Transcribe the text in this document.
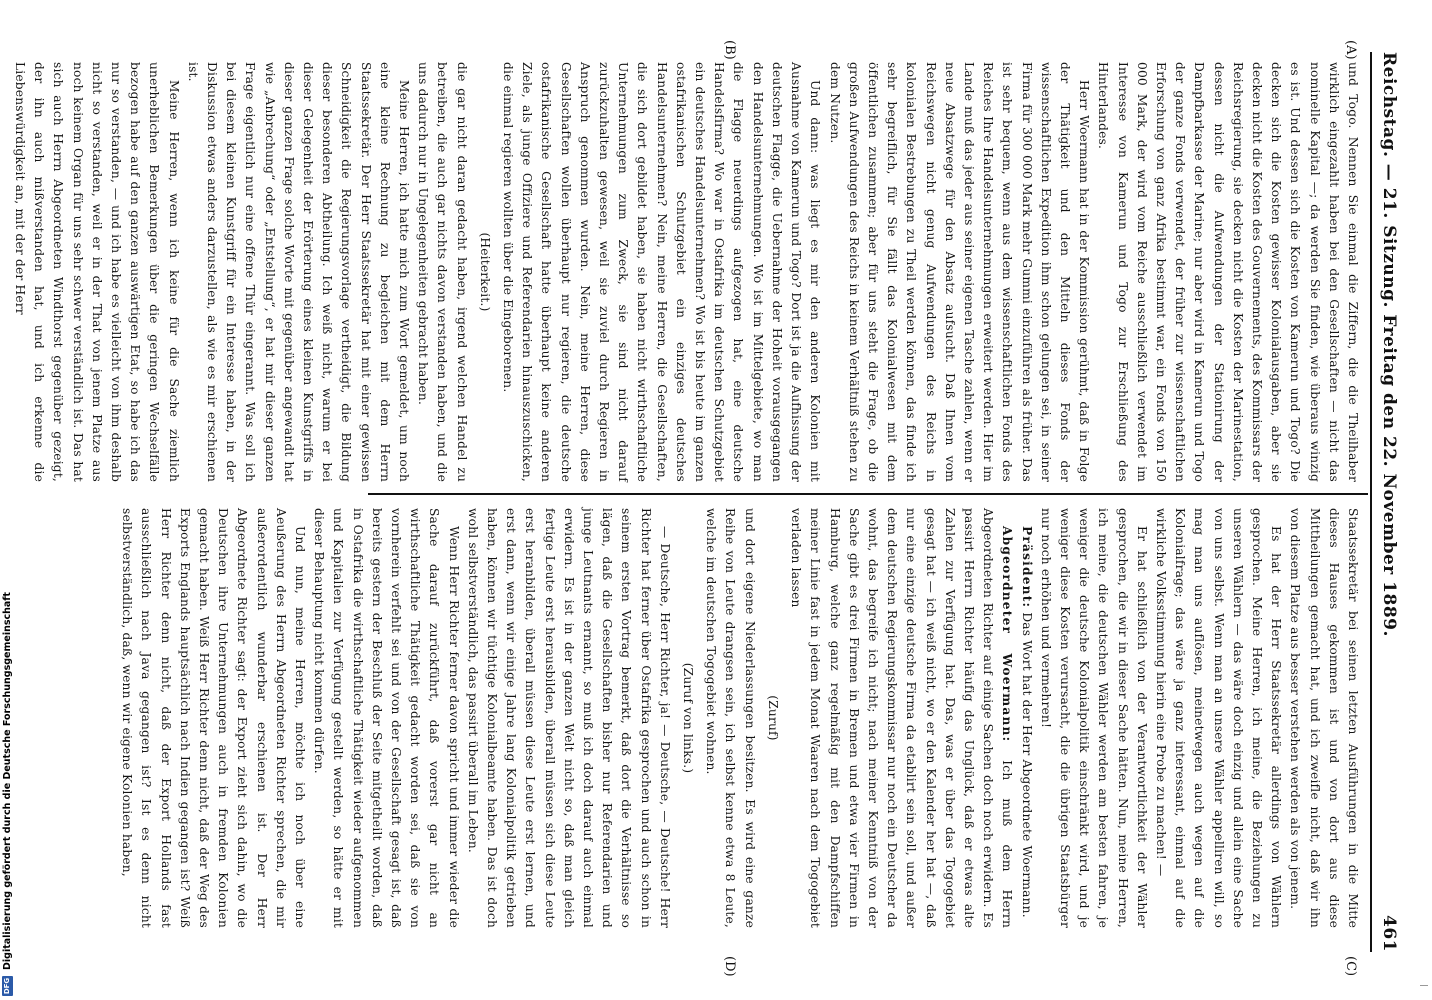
Reichstag. — 21. Sitzung. Freitag den 22. November 1889.
461
(A)
(B)
(C)
(D)

und Togo. Nennen Sie einmal die Ziffern, die die Theilhaber wirklich eingezahlt haben bei den Gesellschaften — nicht das nominelle Kapital —; da werden Sie finden, wie überaus winzig es ist. Und dessen sich die Kosten von Kamerun und Togo? Die decken sich die Kosten gewisser Kolonialausgaben, aber sie decken nicht die Kosten des Gouvernements, des Kommissars der Reichsregierung, sie decken nicht die Kosten der Marinestation, dessen nicht die Aufwendungen der Stationirung der Dampfbarkasse der Marine; nur aber wird in Kamerun und Togo der ganze Fonds verwendet, der früher zur wissenschaftlichen Erforschung von ganz Afrika bestimmt war, ein Fonds von 150 000 Mark, der wird vom Reiche ausschließlich verwendet im Interesse von Kamerun und Togo zur Erschließung des Hinterlandes.

Herr Woermann hat in der Kommission gerühmt, daß in Folge der Thätigkeit und den Mitteln dieses Fonds der wissenschaftlichen Expedition ihm schon gelungen sei, in seiner Firma für 300 000 Mark mehr Gummi einzuführen als früher. Das ist sehr bequem, wenn aus dem wissenschaftlichen Fonds des Reiches Ihre Handelsunternehmungen erweitert werden. Hier im Lande muß das jeder aus seiner eigenen Tasche zahlen, wenn er neue Absatzwege für den Absatz aufsucht. Daß Ihnen vom Reichswegen nicht genug Aufwendungen des Reichs in kolonialen Bestrebungen zu Theil werden können, das finde ich sehr begreiflich, für Sie fällt das Kolonialwesen mit dem öffentlichen zusammen; aber für uns steht die Frage, ob die großen Aufwendungen des Reichs in keinem Verhältniß stehen zu dem Nutzen.

Und dann: was liegt es mir den anderen Kolonien mit Ausnahme von Kamerun und Togo? Dort ist ja die Aufhissung der deutschen Flagge, die Uebernahme der Hoheit vorausgegangen den Handelsunternehmungen. Wo ist im Mittelgebiete, wo man die Flagge neuerdings aufgezogen hat, eine deutsche Handelsfirma? Wo war in Ostafrika im deutschen Schutzgebiet ein deutsches Handelsunternehmen? Wo ist bis heute im ganzen ostafrikanischen Schutzgebiet ein einziges deutsches Handelsunternehmen? Nein, meine Herren, die Gesellschaften, die sich dort gebildet haben, sie haben nicht wirthschaftliche Unternehmungen zum Zweck, sie sind nicht darauf zurückzuhalten gewesen, weil sie zuviel durch Regieren in Anspruch genommen wurden. Nein, meine Herren, diese Gesellschaften wollen überhaupt nur regieren, die deutsche ostafrikanische Gesellschaft hatte überhaupt keine anderen Ziele, als junge Offiziere und Referendarien hinauszuschicken, die einmal regieren wollten über die Eingeborenen.

(Heiterkeit.)

die gar nicht daran gedacht haben, irgend welchen Handel zu betreiben, die auch gar nichts davon verstanden haben, und die uns dadurch nur in Ungelegenheiten gebracht haben.

Meine Herren, ich hatte mich zum Wort gemeldet, um noch eine kleine Rechnung zu begleichen mit dem Herrn Staatssekretär. Der Herr Staatssekretär hat mit einer gewissen Schneidigkeit die Regierungsvorlage vertheidigt, die Bildung dieser besonderen Abtheilung. Ich weiß nicht, warum er bei dieser Gelegenheit der Erörterung eines kleinen Kunstgriffs in dieser ganzen Frage solche Worte mit gegenüber angewandt hat wie „Anbrechung“ oder „Entstellung“, er hat mir dieser ganzen Frage eigentlich nur eine offene Thür eingerannt. Was soll ich bei diesem kleinen Kunstgriff für ein Interesse haben, in der Diskussion etwas anders darzustellen, als wie es mir erschienen ist.

Meine Herren, wenn ich keine für die Sache ziemlich unerheblichen Bemerkungen über die geringen Wechselfälle bezogen habe auf den ganzen auswärtigen Etat, so habe ich das nur so verstanden, — und ich habe es vielleicht von ihm deshalb nicht so verstanden, weil er in der That von jenem Platze aus noch keinem Organ für uns sehr schwer verständlich ist. Das hat sich auch Herrn Abgeordneten Windthorst gegenüber gezeigt, der ihn auch mißverstanden hat, und ich erkenne die Liebenswürdigkeit an, mit der der Herr

Staatssekretär bei seinen letzten Ausführungen in die Mitte dieses Hauses gekommen ist und von dort aus diese Mittheilungen gemacht hat, und ich zweifle nicht, daß wir ihn von diesem Platze aus besser verstehen werden als von jenem.

Es hat der Herr Staatssekretär allerdings von Wählern gesprochen. Meine Herren, ich meine, die Beziehungen zu unseren Wählern — das wäre doch einzig und allein eine Sache von uns selbst. Wenn man an unsere Wähler appelliren will, so mag man uns auflösen, meinetwegen auch wegen auf die Kolonialfrage; das wäre ja ganz interessant, einmal auf die wirkliche Volksstimmung hierin eine Probe zu machen! —

Er hat schließlich von der Verantwortlichkeit der Wähler gesprochen, die wir in dieser Sache hätten. Nun, meine Herren, ich meine, die deutschen Wähler werden am besten fahren, je weniger die deutsche Kolonialpolitik einschränkt wird, und je weniger diese Kosten verursacht, die die übrigen Staatsbürger nur noch erhöhen und vermehren!

Präsident: Das Wort hat der Herr Abgeordnete Woermann.

Abgeordneter Woermann: Ich muß dem Herrn Abgeordneten Richter auf einige Sachen doch noch erwidern. Es passirt Herrn Richter häufig das Unglück, daß er etwas alte Zahlen zur Verfügung hat. Das, was er über das Togogebiet gesagt hat — ich weiß nicht, wo er den Kalender her hat —, daß nur eine einzige deutsche Firma da etablirt sein soll, und außer dem deutschen Regierungskommissar nur noch ein Deutscher da wohnt, das begreife ich nicht; nach meiner Kenntniß von der Sache gibt es drei Firmen in Bremen und etwa vier Firmen in Hamburg, welche ganz regelmäßig mit den Dampfschiffen meiner Linie fast in jedem Monat Waaren nach dem Togogebiet verladen lassen

(Zuruf)

und dort eigene Niederlassungen besitzen. Es wird eine ganze Reihe von Leute drangsen sein, ich selbst kenne etwa 8 Leute, welche im deutschen Togogebiet wohnen.

(Zuruf von links.)

— Deutsche, Herr Richter, ja! — Deutsche, — Deutsche! Herr Richter hat ferner über Ostafrika gesprochen und auch schon in seinem ersten Vortrag bemerkt, daß dort die Verhältnisse so lägen, daß die Gesellschaften bisher nur Referendarien und junge Leutnants ernannt, so muß ich doch darauf auch einmal erwidern. Es ist in der ganzen Welt nicht so, daß man gleich fertige Leute erst herausbilden, überall müssen sich diese Leute erst heranbilden, überall müssen diese Leute erst lernen, und erst dann, wenn wir einige Jahre lang Kolonialpolitik getrieben haben, können wir tüchtige Kolonialbeamte haben. Das ist doch wohl selbstverständlich, das passirt überall im Leben.

Wenn Herr Richter ferner davon spricht und immer wieder die Sache darauf zurückführt, daß vorerst gar nicht an wirthschaftliche Thätigkeit gedacht worden sei, daß sie von vornherein verfehlt sei und von der Gesellschaft gesagt ist, daß bereits gestern der Beschluß der Seite mitgetheilt worden, daß in Ostafrika die wirthschaftliche Thätigkeit wieder aufgenommen und Kapitalien zur Verfügung gestellt werden, so hätte er mit dieser Behauptung nicht kommen dürfen.

Und nun, meine Herren, möchte ich noch über eine Aeußerung des Herrn Abgeordneten Richter sprechen, die mir außerordentlich wunderbar erschienen ist. Der Herr Abgeordnete Richter sagt: der Export zieht sich dahin, wo die Deutschen ihre Unternehmungen auch in fremden Kolonien gemacht haben. Weiß Herr Richter denn nicht, daß der Weg des Exports Englands hauptsächlich nach Indien gegangen ist? Weiß Herr Richter denn nicht, daß der Export Hollands fast ausschließlich nach Java gegangen ist? Ist es denn nicht selbstverständlich, daß, wenn wir eigene Kolonien haben,

DFG
Digitalisierung gefördert durch die Deutsche Forschungsgemeinschaft
